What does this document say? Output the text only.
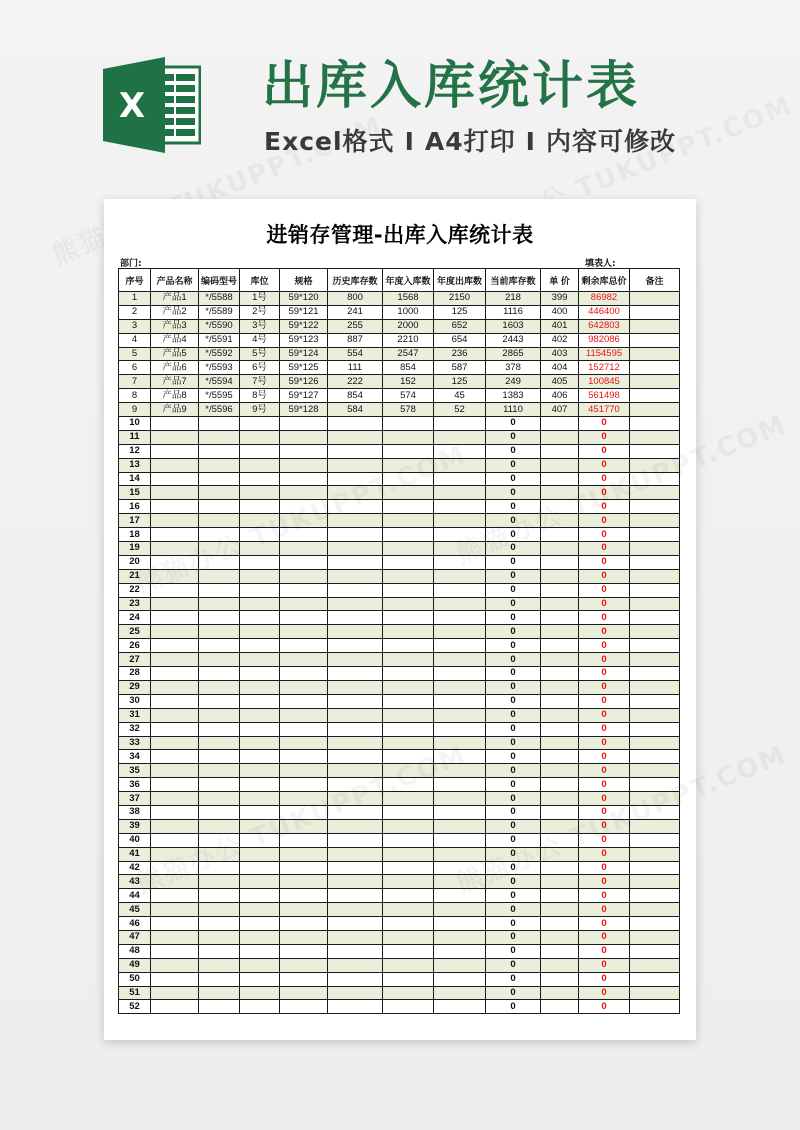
X 出库入库统计表
Excel格式 I A4打印 I 内容可修改
进销存管理-出库入库统计表
部门:	填表人:
序号	产品名称	编码型号	库位	规格	历史库存数	年度入库数	年度出库数	当前库存数	单 价	剩余库总价	备注
1	产品1	*/5588	1号	59*120	800	1568	2150	218	399	86982	
2	产品2	*/5589	2号	59*121	241	1000	125	1116	400	446400	
3	产品3	*/5590	3号	59*122	255	2000	652	1603	401	642803	
4	产品4	*/5591	4号	59*123	887	2210	654	2443	402	982086	
5	产品5	*/5592	5号	59*124	554	2547	236	2865	403	1154595	
6	产品6	*/5593	6号	59*125	111	854	587	378	404	152712	
7	产品7	*/5594	7号	59*126	222	152	125	249	405	100845	
8	产品8	*/5595	8号	59*127	854	574	45	1383	406	561498	
9	产品9	*/5596	9号	59*128	584	578	52	1110	407	451770	
10								0		0	
11								0		0	
12								0		0	
13								0		0	
14								0		0	
15								0		0	
16								0		0	
17								0		0	
18								0		0	
19								0		0	
20								0		0	
21								0		0	
22								0		0	
23								0		0	
24								0		0	
25								0		0	
26								0		0	
27								0		0	
28								0		0	
29								0		0	
30								0		0	
31								0		0	
32								0		0	
33								0		0	
34								0		0	
35								0		0	
36								0		0	
37								0		0	
38								0		0	
39								0		0	
40								0		0	
41								0		0	
42								0		0	
43								0		0	
44								0		0	
45								0		0	
46								0		0	
47								0		0	
48								0		0	
49								0		0	
50								0		0	
51								0		0	
52								0		0	
